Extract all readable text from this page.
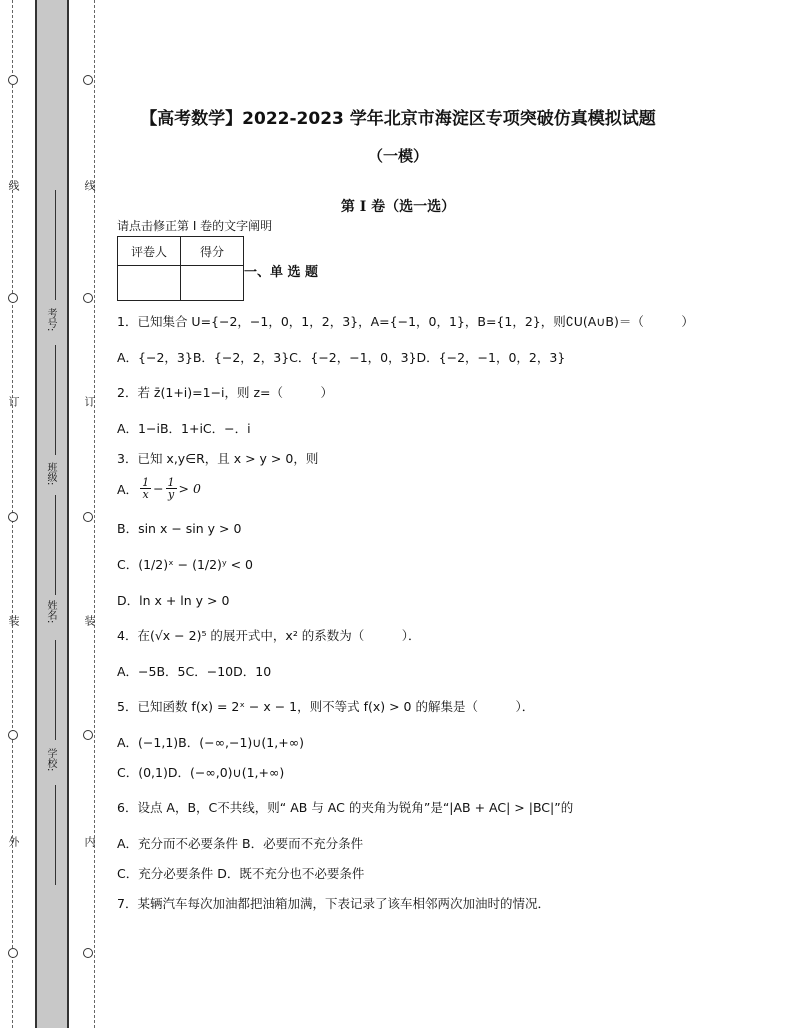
线
订
装
外
线
订
装
内
考号:
班级:
姓名:
学校:
【高考数学】2022-2023 学年北京市海淀区专项突破仿真模拟试题
（一模）
第 I 卷（选一选）
请点击修正第 I 卷的文字阐明
评卷人	得分

一、单 选 题
1．已知集合 U={−2，−1，0，1，2，3}，A={−1，0，1}，B={1，2}，则∁U(A∪B)＝（　　　）
A．{−2，3}B．{−2，2，3}C．{−2，−1，0，3}D．{−2，−1，0，2，3}
2．若 z̄(1+i)=1−i，则 z=（　　　）
A．1−iB．1+iC．−．i
3．已知 x,y∈R，且 x > y > 0，则
A． $\frac{1}{x} - \frac{1}{y} > 0$
B．sin x − sin y > 0
C．(1/2)ˣ − (1/2)ʸ < 0
D．ln x + ln y > 0
4．在(√x − 2)⁵ 的展开式中，x² 的系数为（　　　）．
A．−5B．5C．−10D．10
5．已知函数 f(x) = 2ˣ − x − 1，则不等式 f(x) > 0 的解集是（　　　）．
A．(−1,1)B．(−∞,−1)∪(1,+∞)
C．(0,1)D．(−∞,0)∪(1,+∞)
6．设点 A，B，C不共线，则“ AB 与 AC 的夹角为锐角”是“|AB + AC| > |BC|”的
A．充分而不必要条件 B．必要而不充分条件
C．充分必要条件 D．既不充分也不必要条件
7．某辆汽车每次加油都把油箱加满，下表记录了该车相邻两次加油时的情况．
